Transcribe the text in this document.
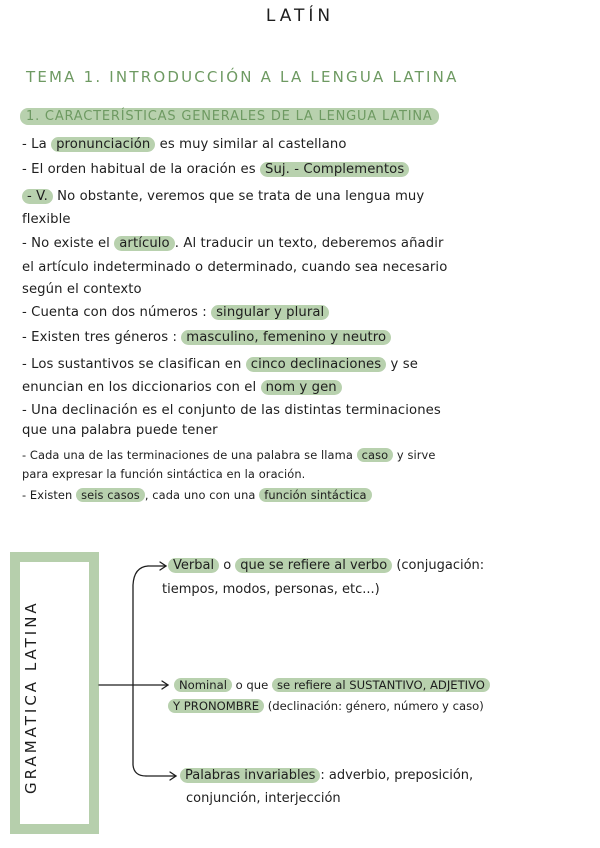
LATÍN
TEMA 1. INTRODUCCIÓN A LA LENGUA LATINA
1. CARACTERÍSTICAS GENERALES DE LA LENGUA LATINA
- La pronunciación es muy similar al castellano
- El orden habitual de la oración es Suj. - Complementos
- V. No obstante, veremos que se trata de una lengua muy
flexible
- No existe el artículo . Al traducir un texto, deberemos añadir
el artículo indeterminado o determinado, cuando sea necesario
según el contexto
- Cuenta con dos números : singular y plural
- Existen tres géneros : masculino, femenino y neutro
- Los sustantivos se clasifican en cinco declinaciones y se
enuncian en los diccionarios con el nom y gen
- Una declinación es el conjunto de las distintas terminaciones
que una palabra puede tener
- Cada una de las terminaciones de una palabra se llama caso y sirve
para expresar la función sintáctica en la oración.
- Existen seis casos , cada uno con una función sintáctica
GRAMATICA LATINA
Verbal o que se refiere al verbo (conjugación:
tiempos, modos, personas, etc...)
Nominal o que se refiere al SUSTANTIVO, ADJETIVO
Y PRONOMBRE (declinación: género, número y caso)
Palabras invariables : adverbio, preposición,
conjunción, interjección
